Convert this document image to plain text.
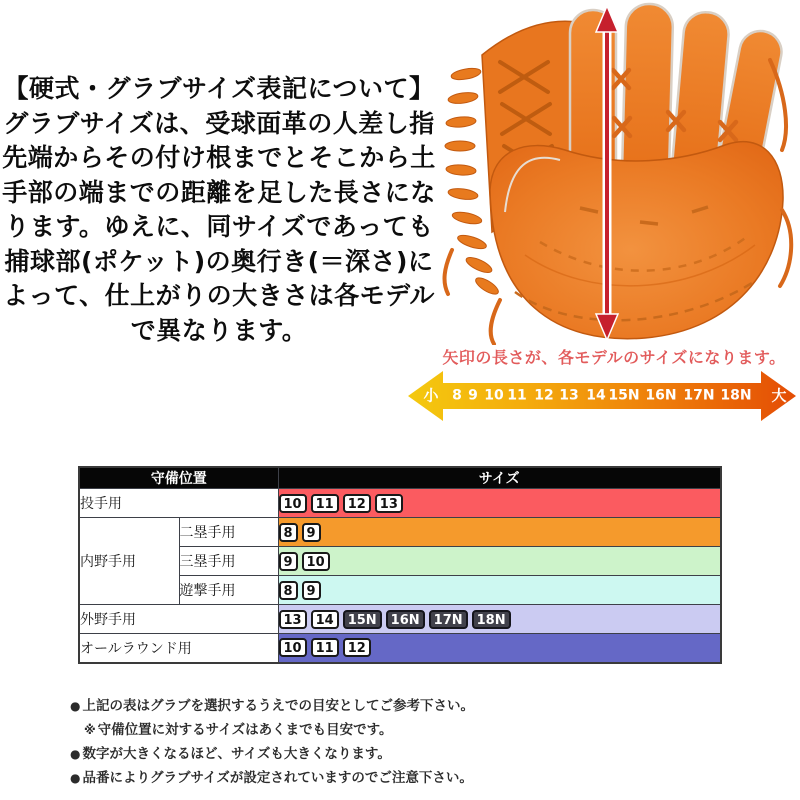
【硬式・グラブサイズ表記について】
グラブサイズは、受球面革の人差し指
先端からその付け根までとそこから土
手部の端までの距離を足した長さにな
ります。ゆえに、同サイズであっても
捕球部(ポケット)の奥行き(＝深さ)に
よって、仕上がりの大きさは各モデル
で異なります。
矢印の長さが、各モデルのサイズになります。
小 8 9 10 11 12 13 14 15N 16N 17N 18N 大
守備位置		サイズ
投手用		10 11 12 13
内野手用	二塁手用	8 9
	三塁手用	9 10
	遊撃手用	8 9
外野手用		13 14 15N 16N 17N 18N
オールラウンド用		10 11 12
● 上記の表はグラブを選択するうえでの目安としてご参考下さい。
※ 守備位置に対するサイズはあくまでも目安です。
● 数字が大きくなるほど、サイズも大きくなります。
● 品番によりグラブサイズが設定されていますのでご注意下さい。
